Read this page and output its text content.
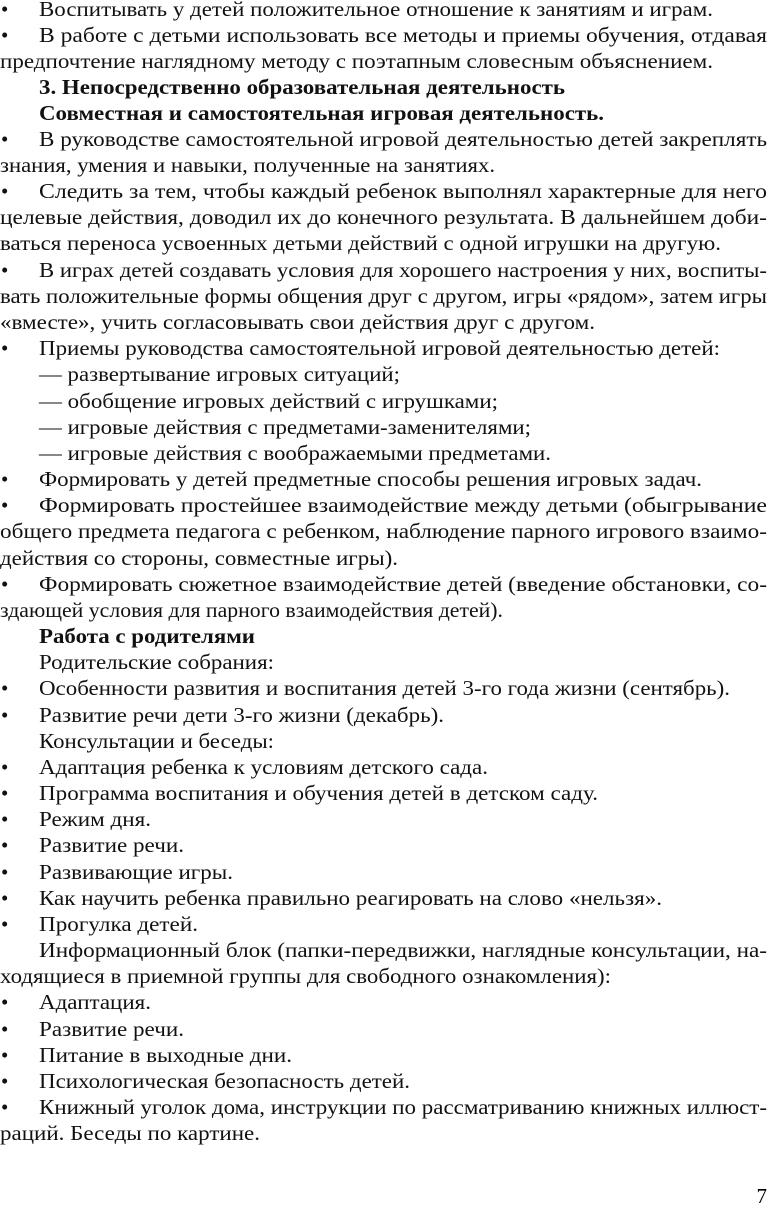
• Воспитывать у детей положительное отношение к занятиям и играм.
• В работе с детьми использовать все методы и приемы обучения, отдавая
предпочтение наглядному методу с поэтапным словесным объяснением.
3. Непосредственно образовательная деятельность
Совместная и самостоятельная игровая деятельность.
• В руководстве самостоятельной игровой деятельностью детей закреплять
знания, умения и навыки, полученные на занятиях.
• Следить за тем, чтобы каждый ребенок выполнял характерные для него
целевые действия, доводил их до конечного результата. В дальнейшем доби-
ваться переноса усвоенных детьми действий с одной игрушки на другую.
• В играх детей создавать условия для хорошего настроения у них, воспиты-
вать положительные формы общения друг с другом, игры «рядом», затем игры
«вместе», учить согласовывать свои действия друг с другом.
• Приемы руководства самостоятельной игровой деятельностью детей:
— развертывание игровых ситуаций;
— обобщение игровых действий с игрушками;
— игровые действия с предметами-заменителями;
— игровые действия с воображаемыми предметами.
• Формировать у детей предметные способы решения игровых задач.
• Формировать простейшее взаимодействие между детьми (обыгрывание
общего предмета педагога с ребенком, наблюдение парного игрового взаимо-
действия со стороны, совместные игры).
• Формировать сюжетное взаимодействие детей (введение обстановки, со-
здающей условия для парного взаимодействия детей).
Работа с родителями
Родительские собрания:
• Особенности развития и воспитания детей 3-го года жизни (сентябрь).
• Развитие речи дети 3-го жизни (декабрь).
Консультации и беседы:
• Адаптация ребенка к условиям детского сада.
• Программа воспитания и обучения детей в детском саду.
• Режим дня.
• Развитие речи.
• Развивающие игры.
• Как научить ребенка правильно реагировать на слово «нельзя».
• Прогулка детей.
Информационный блок (папки-передвижки, наглядные консультации, на-
ходящиеся в приемной группы для свободного ознакомления):
• Адаптация.
• Развитие речи.
• Питание в выходные дни.
• Психологическая безопасность детей.
• Книжный уголок дома, инструкции по рассматриванию книжных иллюст-
раций. Беседы по картине.
7
